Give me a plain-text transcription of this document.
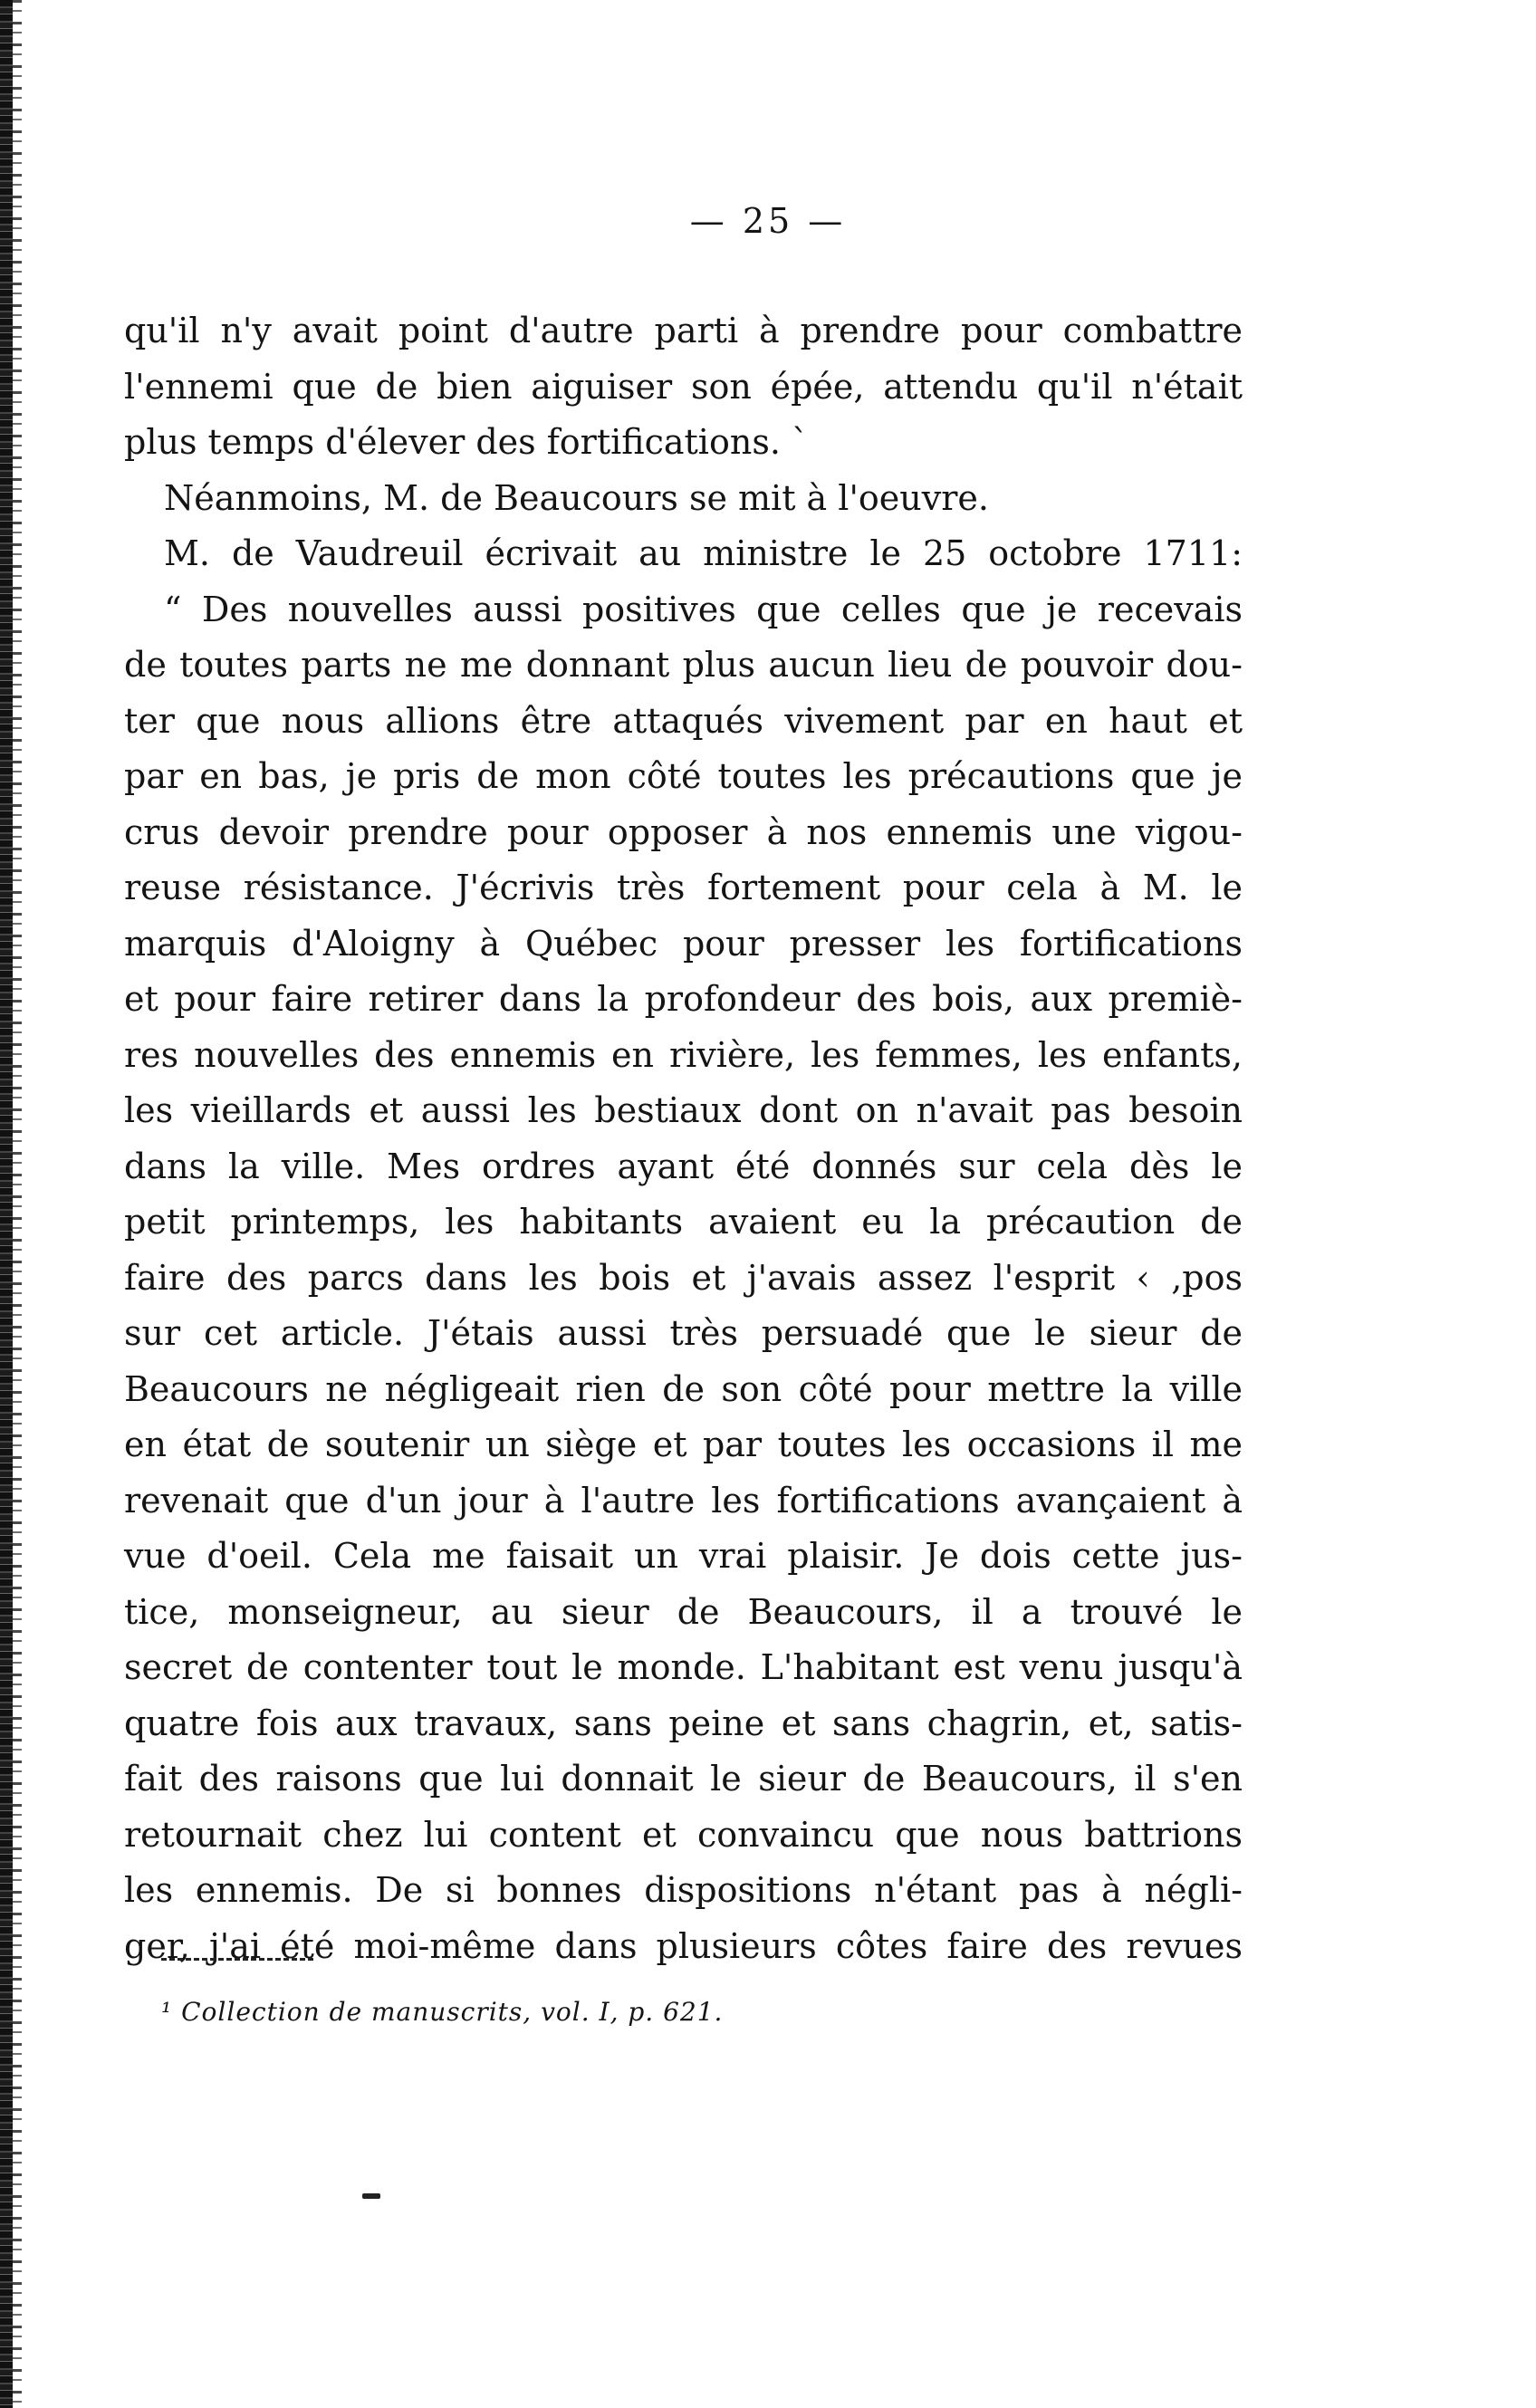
— 25 —

qu'il n'y avait point d'autre parti à prendre pour combattre

l'ennemi que de bien aiguiser son épée, attendu qu'il n'était

plus temps d'élever des fortifications. `

Néanmoins, M. de Beaucours se mit à l'oeuvre.

M. de Vaudreuil écrivait au ministre le 25 octobre 1711:

“ Des nouvelles aussi positives que celles que je recevais

de toutes parts ne me donnant plus aucun lieu de pouvoir dou-

ter que nous allions être attaqués vivement par en haut et

par en bas, je pris de mon côté toutes les précautions que je

crus devoir prendre pour opposer à nos ennemis une vigou-

reuse résistance. J'écrivis très fortement pour cela à M. le

marquis d'Aloigny à Québec pour presser les fortifications

et pour faire retirer dans la profondeur des bois, aux premiè-

res nouvelles des ennemis en rivière, les femmes, les enfants,

les vieillards et aussi les bestiaux dont on n'avait pas besoin

dans la ville. Mes ordres ayant été donnés sur cela dès le

petit printemps, les habitants avaient eu la précaution de

faire des parcs dans les bois et j'avais assez l'esprit ‹ ,pos

sur cet article. J'étais aussi très persuadé que le sieur de

Beaucours ne négligeait rien de son côté pour mettre la ville

en état de soutenir un siège et par toutes les occasions il me

revenait que d'un jour à l'autre les fortifications avançaient à

vue d'oeil. Cela me faisait un vrai plaisir. Je dois cette jus-

tice, monseigneur, au sieur de Beaucours, il a trouvé le

secret de contenter tout le monde. L'habitant est venu jusqu'à

quatre fois aux travaux, sans peine et sans chagrin, et, satis-

fait des raisons que lui donnait le sieur de Beaucours, il s'en

retournait chez lui content et convaincu que nous battrions

les ennemis. De si bonnes dispositions n'étant pas à négli-

ger, j'ai été moi-même dans plusieurs côtes faire des revues

¹ Collection de manuscrits, vol. I, p. 621.
